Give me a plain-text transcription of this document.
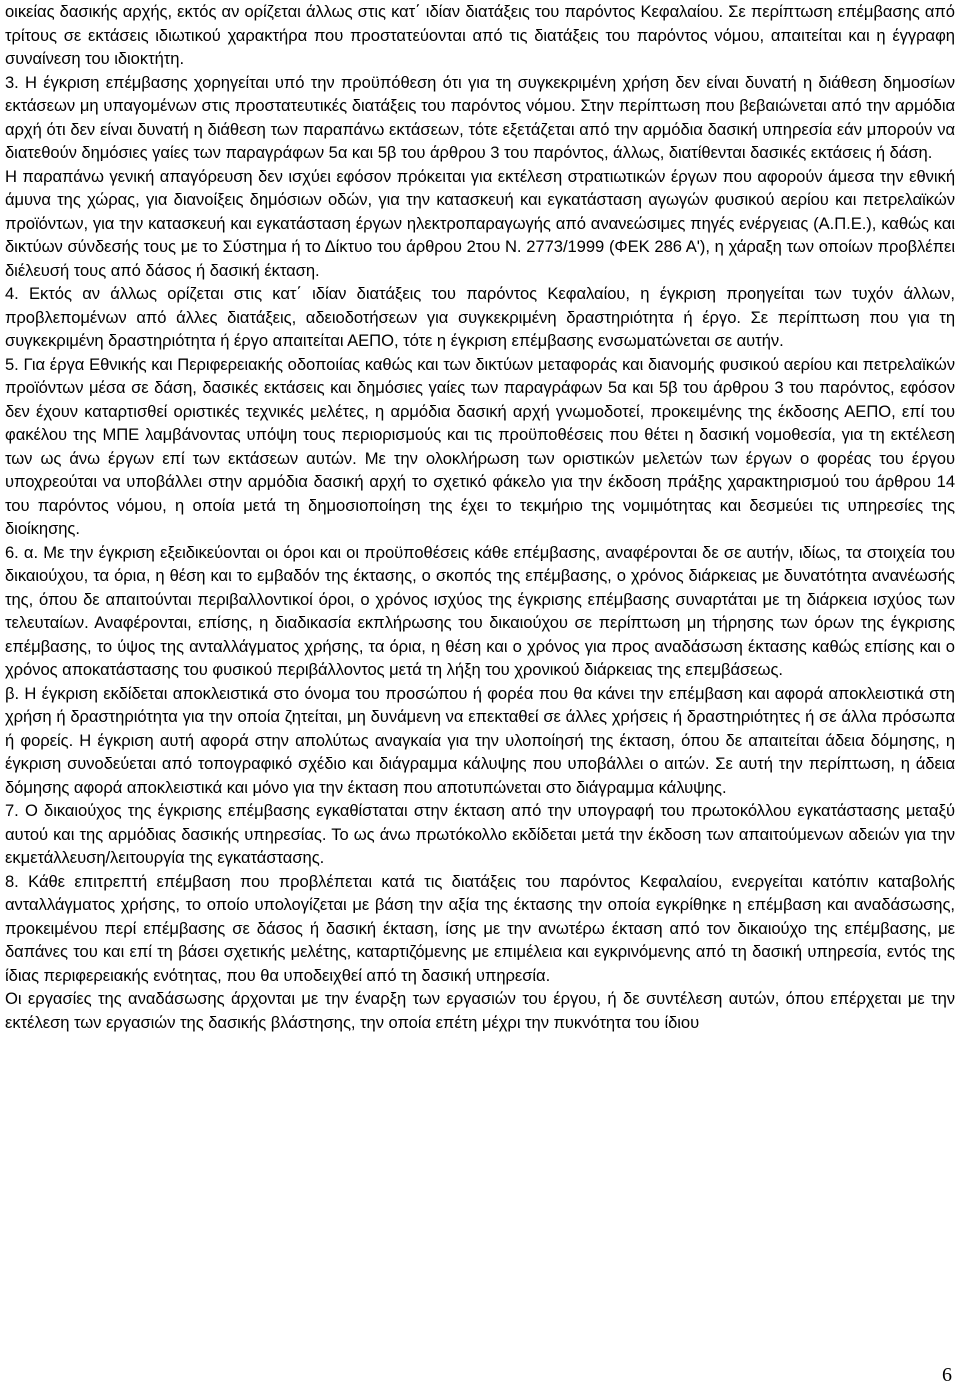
οικείας δασικής αρχής, εκτός αν ορίζεται άλλως στις κατ΄ ιδίαν διατάξεις του παρόντος Κεφαλαίου. Σε περίπτωση επέμβασης από τρίτους σε εκτάσεις ιδιωτικού χαρακτήρα που προστατεύονται από τις διατάξεις του παρόντος νόμου, απαιτείται και η έγγραφη συναίνεση του ιδιοκτήτη.

3. Η έγκριση επέμβασης χορηγείται υπό την προϋπόθεση ότι για τη συγκεκριμένη χρήση δεν είναι δυνατή η διάθεση δημοσίων εκτάσεων μη υπαγομένων στις προστατευτικές διατάξεις του παρόντος νόμου. Στην περίπτωση που βεβαιώνεται από την αρμόδια αρχή ότι δεν είναι δυνατή η διάθεση των παραπάνω εκτάσεων, τότε εξετάζεται από την αρμόδια δασική υπηρεσία εάν μπορούν να διατεθούν δημόσιες γαίες των παραγράφων 5α και 5β του άρθρου 3 του παρόντος, άλλως, διατίθενται δασικές εκτάσεις ή δάση.

Η παραπάνω γενική απαγόρευση δεν ισχύει εφόσον πρόκειται για εκτέλεση στρατιωτικών έργων που αφορούν άμεσα την εθνική άμυνα της χώρας, για διανοίξεις δημόσιων οδών, για την κατασκευή και εγκατάσταση αγωγών φυσικού αερίου και πετρελαϊκών προϊόντων, για την κατασκευή και εγκατάσταση έργων ηλεκτροπαραγωγής από ανανεώσιμες πηγές ενέργειας (Α.Π.Ε.), καθώς και δικτύων σύνδεσής τους με το Σύστημα ή το Δίκτυο του άρθρου 2του Ν. 2773/1999 (ΦΕΚ 286 Α'), η χάραξη των οποίων προβλέπει διέλευσή τους από δάσος ή δασική έκταση.

4. Εκτός αν άλλως ορίζεται στις κατ΄ ιδίαν διατάξεις του παρόντος Κεφαλαίου, η έγκριση προηγείται των τυχόν άλλων, προβλεπομένων από άλλες διατάξεις, αδειοδοτήσεων για συγκεκριμένη δραστηριότητα ή έργο. Σε περίπτωση που για τη συγκεκριμένη δραστηριότητα ή έργο απαιτείται ΑΕΠΟ, τότε η έγκριση επέμβασης ενσωματώνεται σε αυτήν.

5. Για έργα Εθνικής και Περιφερειακής οδοποιίας καθώς και των δικτύων μεταφοράς και διανομής φυσικού αερίου και πετρελαϊκών προϊόντων μέσα σε δάση, δασικές εκτάσεις και δημόσιες γαίες των παραγράφων 5α και 5β του άρθρου 3 του παρόντος, εφόσον δεν έχουν καταρτισθεί οριστικές τεχνικές μελέτες, η αρμόδια δασική αρχή γνωμοδοτεί, προκειμένης της έκδοσης ΑΕΠΟ, επί του φακέλου της ΜΠΕ λαμβάνοντας υπόψη τους περιορισμούς και τις προϋποθέσεις που θέτει η δασική νομοθεσία, για τη εκτέλεση των ως άνω έργων επί των εκτάσεων αυτών. Με την ολοκλήρωση των οριστικών μελετών των έργων ο φορέας του έργου υποχρεούται να υποβάλλει στην αρμόδια δασική αρχή το σχετικό φάκελο για την έκδοση πράξης χαρακτηρισμού του άρθρου 14 του παρόντος νόμου, η οποία μετά τη δημοσιοποίηση της έχει το τεκμήριο της νομιμότητας και δεσμεύει τις υπηρεσίες της διοίκησης.

6. α. Με την έγκριση εξειδικεύονται οι όροι και οι προϋποθέσεις κάθε επέμβασης, αναφέρονται δε σε αυτήν, ιδίως, τα στοιχεία του δικαιούχου, τα όρια, η θέση και το εμβαδόν της έκτασης, ο σκοπός της επέμβασης, ο χρόνος διάρκειας με δυνατότητα ανανέωσής της, όπου δε απαιτούνται περιβαλλοντικοί όροι, ο χρόνος ισχύος της έγκρισης επέμβασης συναρτάται με τη διάρκεια ισχύος των τελευταίων. Αναφέρονται, επίσης, η διαδικασία εκπλήρωσης του δικαιούχου σε περίπτωση μη τήρησης των όρων της έγκρισης επέμβασης, το ύψος της ανταλλάγματος χρήσης, τα όρια, η θέση και ο χρόνος για προς αναδάσωση έκτασης καθώς επίσης και ο χρόνος αποκατάστασης του φυσικού περιβάλλοντος μετά τη λήξη του χρονικού διάρκειας της επεμβάσεως.

β. Η έγκριση εκδίδεται αποκλειστικά στο όνομα του προσώπου ή φορέα που θα κάνει την επέμβαση και αφορά αποκλειστικά στη χρήση ή δραστηριότητα για την οποία ζητείται, μη δυνάμενη να επεκταθεί σε άλλες χρήσεις ή δραστηριότητες ή σε άλλα πρόσωπα ή φορείς. Η έγκριση αυτή αφορά στην απολύτως αναγκαία για την υλοποίησή της έκταση, όπου δε απαιτείται άδεια δόμησης, η έγκριση συνοδεύεται από τοπογραφικό σχέδιο και διάγραμμα κάλυψης που υποβάλλει ο αιτών. Σε αυτή την περίπτωση, η άδεια δόμησης αφορά αποκλειστικά και μόνο για την έκταση που αποτυπώνεται στο διάγραμμα κάλυψης.

7. Ο δικαιούχος της έγκρισης επέμβασης εγκαθίσταται στην έκταση από την υπογραφή του πρωτοκόλλου εγκατάστασης μεταξύ αυτού και της αρμόδιας δασικής υπηρεσίας. Το ως άνω πρωτόκολλο εκδίδεται μετά την έκδοση των απαιτούμενων αδειών για την εκμετάλλευση/λειτουργία της εγκατάστασης.

8. Κάθε επιτρεπτή επέμβαση που προβλέπεται κατά τις διατάξεις του παρόντος Κεφαλαίου, ενεργείται κατόπιν καταβολής ανταλλάγματος χρήσης, το οποίο υπολογίζεται με βάση την αξία της έκτασης την οποία εγκρίθηκε η επέμβαση και αναδάσωσης, προκειμένου περί επέμβασης σε δάσος ή δασική έκταση, ίσης με την ανωτέρω έκταση από τον δικαιούχο της επέμβασης, με δαπάνες του και επί τη βάσει σχετικής μελέτης, καταρτιζόμενης με επιμέλεια και εγκρινόμενης από τη δασική υπηρεσία, εντός της ίδιας περιφερειακής ενότητας, που θα υποδειχθεί από τη δασική υπηρεσία.

Οι εργασίες της αναδάσωσης άρχονται με την έναρξη των εργασιών του έργου, ή δε συντέλεση αυτών, όπου επέρχεται με την εκτέλεση των εργασιών της δασικής βλάστησης, την οποία επέτη μέχρι την πυκνότητα του ίδιου

6
